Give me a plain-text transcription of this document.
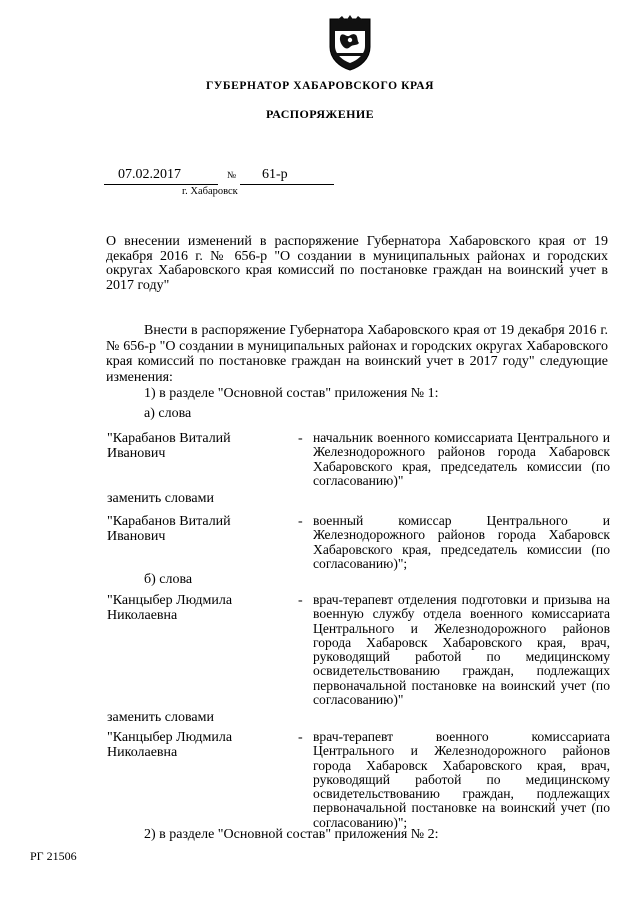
ГУБЕРНАТОР ХАБАРОВСКОГО КРАЯ
РАСПОРЯЖЕНИЕ
07.02.2017	№ 61-р
г. Хабаровск

О внесении изменений в распоряжение Губернатора Хабаровского края от 19 декабря 2016 г. № 656-р "О создании в муниципальных районах и городских округах Хабаровского края комиссий по постановке граждан на воинский учет в 2017 году"

Внести в распоряжение Губернатора Хабаровского края от 19 декабря 2016 г. № 656-р "О создании в муниципальных районах и городских округах Хабаровского края комиссий по постановке граждан на воинский учет в 2017 году" следующие изменения:

1) в разделе "Основной состав" приложения № 1:
а) слова
"Карабанов Виталий
Иванович
- начальник военного комиссариата Центрального и Железнодорожного районов города Хабаровск Хабаровского края, председатель комиссии (по согласованию)"
заменить словами
"Карабанов Виталий
Иванович
- военный комиссар Центрального и Железнодорожного районов города Хабаровск Хабаровского края, председатель комиссии (по согласованию)";
б) слова
"Канцыбер Людмила
Николаевна
- врач-терапевт отделения подготовки и призыва на военную службу отдела военного комиссариата Центрального и Железнодорожного районов города Хабаровск Хабаровского края, врач, руководящий работой по медицинскому освидетельствованию граждан, подлежащих первоначальной постановке на воинский учет (по согласованию)"
заменить словами
"Канцыбер Людмила
Николаевна
- врач-терапевт военного комиссариата Центрального и Железнодорожного районов города Хабаровск Хабаровского края, врач, руководящий работой по медицинскому освидетельствованию граждан, подлежащих первоначальной постановке на воинский учет (по согласованию)";
2) в разделе "Основной состав" приложения № 2:
РГ 21506
